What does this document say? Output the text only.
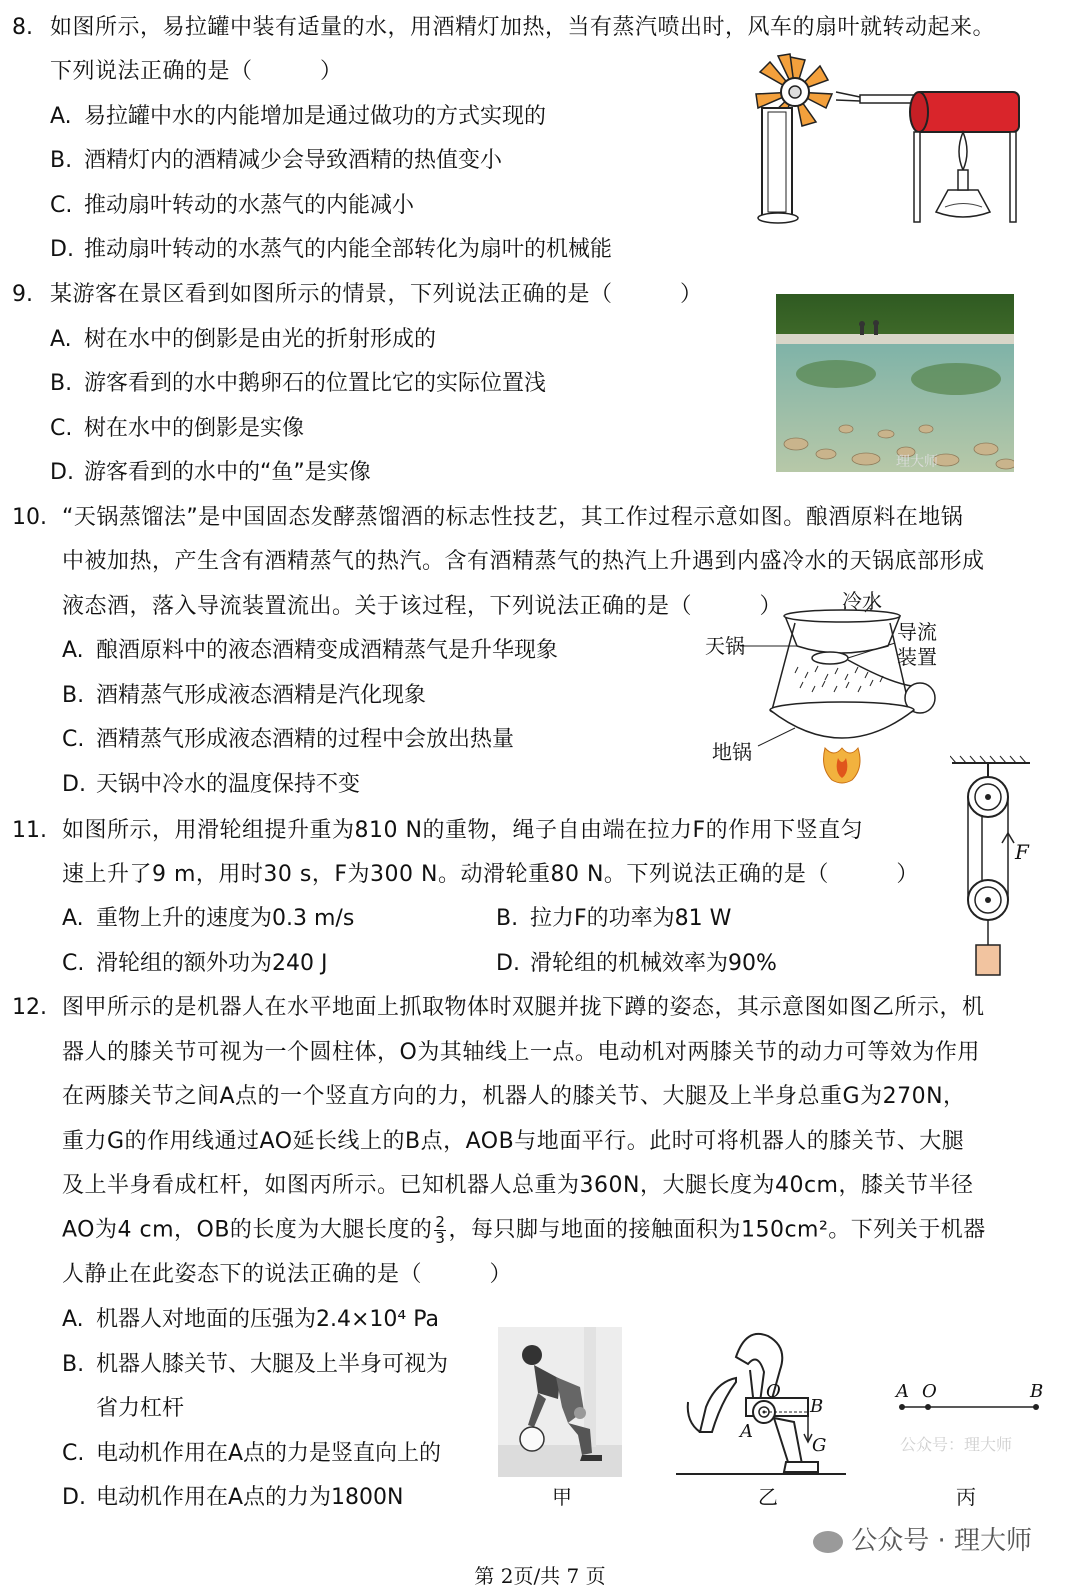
8. 如图所示，易拉罐中装有适量的水，用酒精灯加热，当有蒸汽喷出时，风车的扇叶就转动起来。
下列说法正确的是（　　　）
A. 易拉罐中水的内能增加是通过做功的方式实现的
B. 酒精灯内的酒精减少会导致酒精的热值变小
C. 推动扇叶转动的水蒸气的内能减小
D. 推动扇叶转动的水蒸气的内能全部转化为扇叶的机械能
9. 某游客在景区看到如图所示的情景，下列说法正确的是（　　　）
A. 树在水中的倒影是由光的折射形成的
B. 游客看到的水中鹅卵石的位置比它的实际位置浅
C. 树在水中的倒影是实像
D. 游客看到的水中的“鱼”是实像	理大师
10. “天锅蒸馏法”是中国固态发酵蒸馏酒的标志性技艺，其工作过程示意如图。酿酒原料在地锅
中被加热，产生含有酒精蒸气的热汽。含有酒精蒸气的热汽上升遇到内盛冷水的天锅底部形成
液态酒，落入导流装置流出。关于该过程，下列说法正确的是（　　　）
A. 酿酒原料中的液态酒精变成酒精蒸气是升华现象
B. 酒精蒸气形成液态酒精是汽化现象
C. 酒精蒸气形成液态酒精的过程中会放出热量
D. 天锅中冷水的温度保持不变
冷水
天锅
导流
装置
地锅
11. 如图所示，用滑轮组提升重为810 N的重物，绳子自由端在拉力F的作用下竖直匀
速上升了9 m，用时30 s，F为300 N。动滑轮重80 N。下列说法正确的是（　　　）
A. 重物上升的速度为0.3 m/s	B. 拉力F的功率为81 W
C. 滑轮组的额外功为240 J	D. 滑轮组的机械效率为90%
F
12. 图甲所示的是机器人在水平地面上抓取物体时双腿并拢下蹲的姿态，其示意图如图乙所示，机
器人的膝关节可视为一个圆柱体，O为其轴线上一点。电动机对两膝关节的动力可等效为作用
在两膝关节之间A点的一个竖直方向的力，机器人的膝关节、大腿及上半身总重G为270N，
重力G的作用线通过AO延长线上的B点，AOB与地面平行。此时可将机器人的膝关节、大腿
及上半身看成杠杆，如图丙所示。已知机器人总重为360N，大腿长度为40cm，膝关节半径
AO为4 cm，OB的长度为大腿长度的 $\frac{2}{3}$ ，每只脚与地面的接触面积为150cm²。下列关于机器
人静止在此姿态下的说法正确的是（　　　）
A. 机器人对地面的压强为2.4×10⁴ Pa
B. 机器人膝关节、大腿及上半身可视为
省力杠杆
C. 电动机作用在A点的力是竖直向上的
D. 电动机作用在A点的力为1800N	甲
O
B
A
G
乙
A O	B
丙
公众号：理大师
公众号 · 理大师
第 2页/共 7 页
